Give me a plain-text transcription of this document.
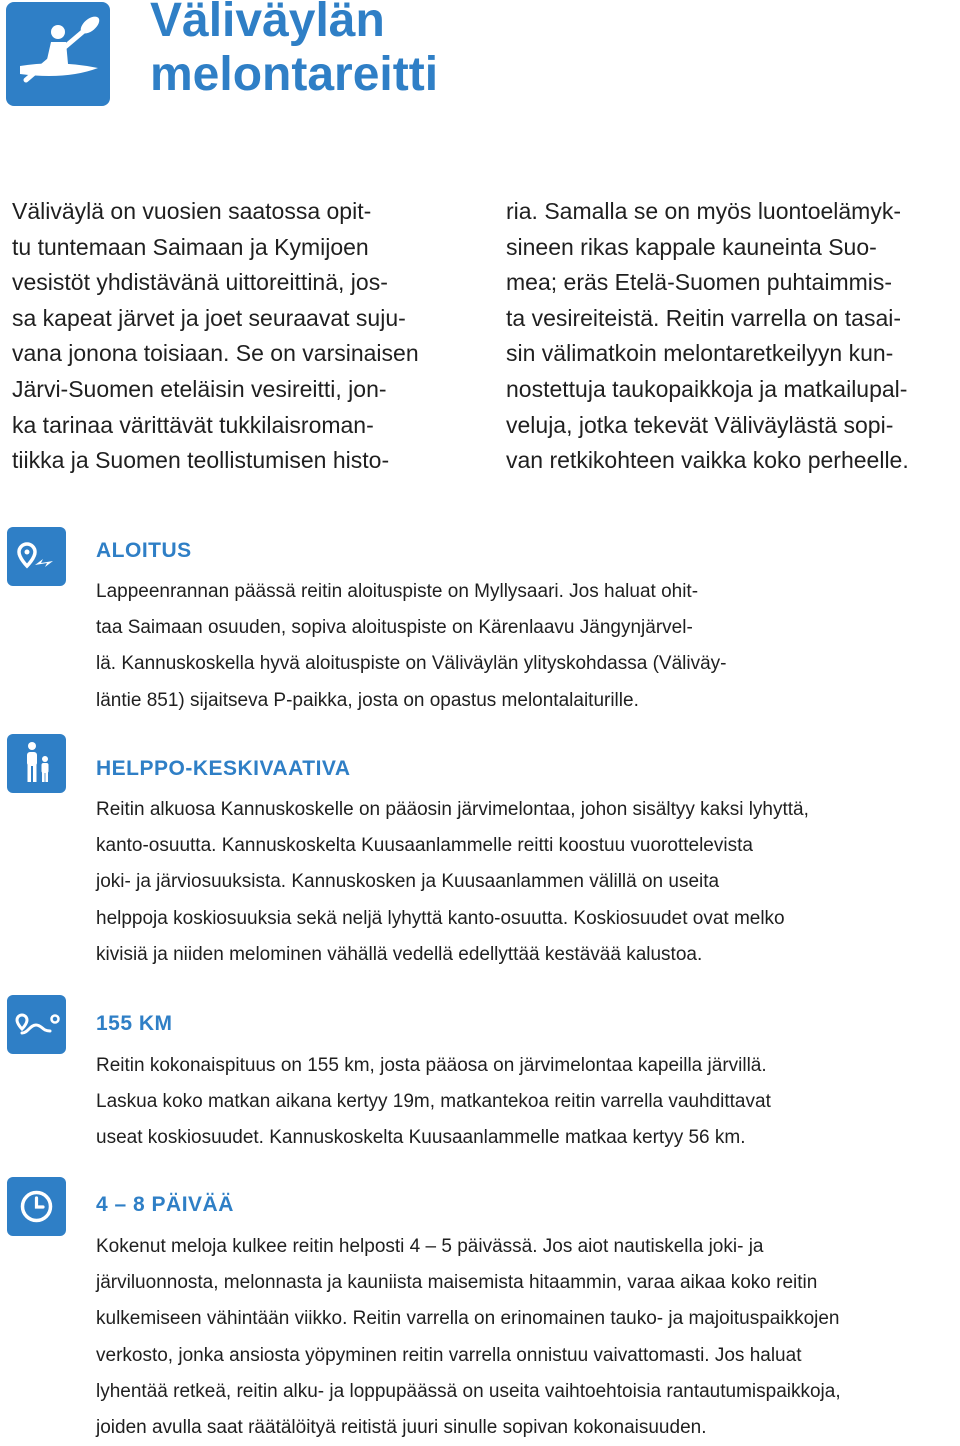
Väliväylän
melontareitti

Väliväylä on vuosien saatossa opit-
tu tuntemaan Saimaan ja Kymijoen
vesistöt yhdistävänä uittoreittinä, jos-
sa kapeat järvet ja joet seuraavat suju-
vana jonona toisiaan. Se on varsinaisen
Järvi-Suomen eteläisin vesireitti, jon-
ka tarinaa värittävät tukkilaisroman-
tiikka ja Suomen teollistumisen histo-

ria. Samalla se on myös luontoelämyk-
sineen rikas kappale kauneinta Suo-
mea; eräs Etelä-Suomen puhtaimmis-
ta vesireiteistä. Reitin varrella on tasai-
sin välimatkoin melontaretkeilyyn kun-
nostettuja taukopaikkoja ja matkailupal-
veluja, jotka tekevät Väliväylästä sopi-
van retkikohteen vaikka koko perheelle.

ALOITUS

Lappeenrannan päässä reitin aloituspiste on Myllysaari. Jos haluat ohit-
taa Saimaan osuuden, sopiva aloituspiste on Kärenlaavu Jängynjärvel-
lä. Kannuskoskella hyvä aloituspiste on Väliväylän ylityskohdassa (Väliväy-
läntie 851) sijaitseva P-paikka, josta on opastus melontalaiturille.

HELPPO-KESKIVAATIVA

Reitin alkuosa Kannuskoskelle on pääosin järvimelontaa, johon sisältyy kaksi lyhyttä,
kanto-osuutta. Kannuskoskelta Kuusaanlammelle reitti koostuu vuorottelevista
joki- ja järviosuuksista. Kannuskosken ja Kuusaanlammen välillä on useita
helppoja koskiosuuksia sekä neljä lyhyttä kanto-osuutta. Koskiosuudet ovat melko
kivisiä ja niiden melominen vähällä vedellä edellyttää kestävää kalustoa.

155 KM

Reitin kokonaispituus on 155 km, josta pääosa on järvimelontaa kapeilla järvillä.
Laskua koko matkan aikana kertyy 19m, matkantekoa reitin varrella vauhdittavat
useat koskiosuudet. Kannuskoskelta Kuusaanlammelle matkaa kertyy 56 km.

4 – 8 PÄIVÄÄ

Kokenut meloja kulkee reitin helposti 4 – 5 päivässä. Jos aiot nautiskella joki- ja
järviluonnosta, melonnasta ja kauniista maisemista hitaammin, varaa aikaa koko reitin
kulkemiseen vähintään viikko. Reitin varrella on erinomainen tauko- ja majoituspaikkojen
verkosto, jonka ansiosta yöpyminen reitin varrella onnistuu vaivattomasti. Jos haluat
lyhentää retkeä, reitin alku- ja loppupäässä on useita vaihtoehtoisia rantautumispaikkoja,
joiden avulla saat räätälöityä reitistä juuri sinulle sopivan kokonaisuuden.
